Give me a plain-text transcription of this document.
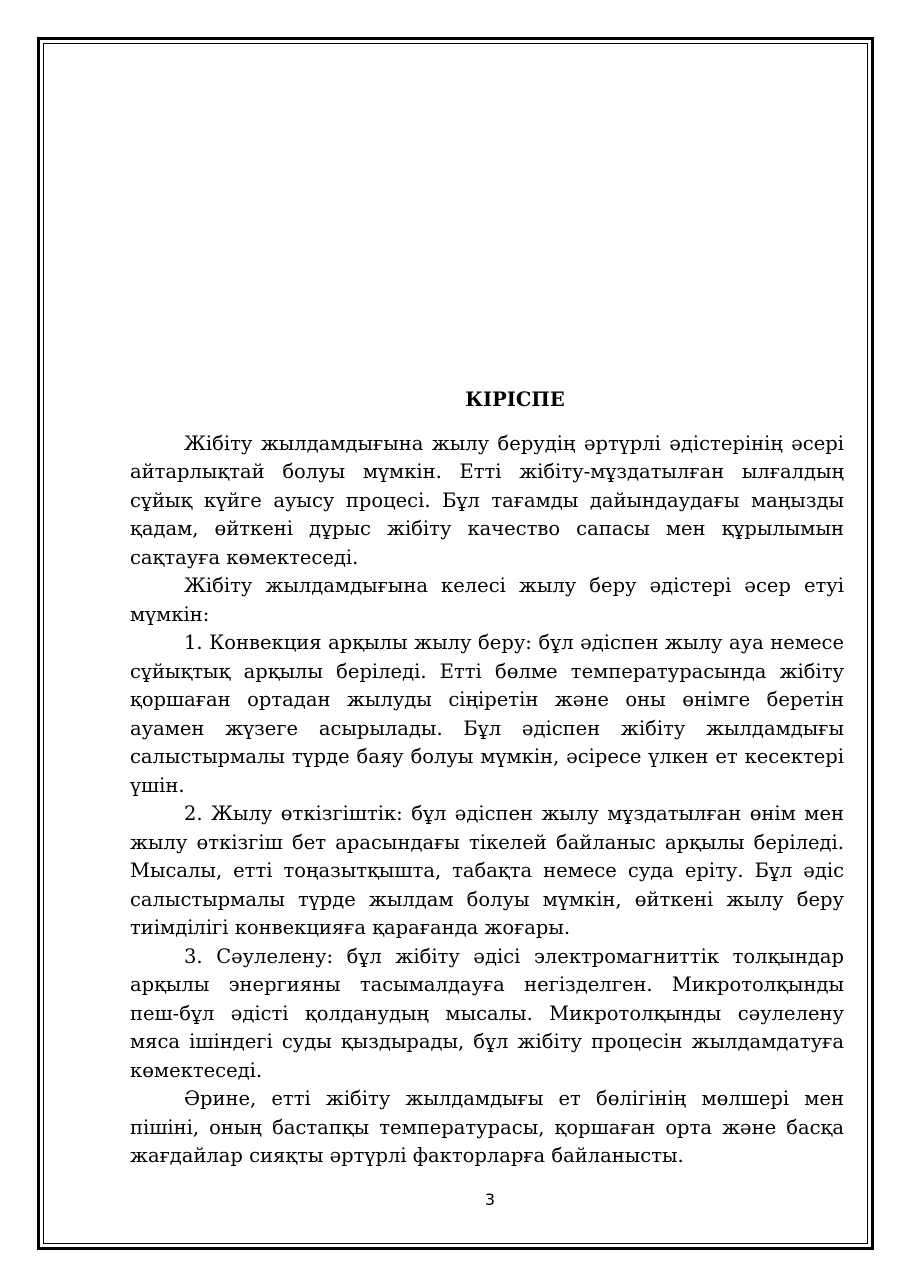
КІРІСПЕ

Жібіту жылдамдығына жылу берудің әртүрлі әдістерінің әсері айтарлықтай болуы мүмкін. Етті жібіту-мұздатылған ылғалдың сұйық күйге ауысу процесі. Бұл тағамды дайындаудағы маңызды қадам, өйткені дұрыс жібіту качество сапасы мен құрылымын сақтауға көмектеседі.

Жібіту жылдамдығына келесі жылу беру әдістері әсер етуі мүмкін:

1. Конвекция арқылы жылу беру: бұл әдіспен жылу ауа немесе сұйықтық арқылы беріледі. Етті бөлме температурасында жібіту қоршаған ортадан жылуды сіңіретін және оны өнімге беретін ауамен жүзеге асырылады. Бұл әдіспен жібіту жылдамдығы салыстырмалы түрде баяу болуы мүмкін, әсіресе үлкен ет кесектері үшін.

2. Жылу өткізгіштік: бұл әдіспен жылу мұздатылған өнім мен жылу өткізгіш бет арасындағы тікелей байланыс арқылы беріледі. Мысалы, етті тоңазытқышта, табақта немесе суда еріту. Бұл әдіс салыстырмалы түрде жылдам болуы мүмкін, өйткені жылу беру тиімділігі конвекцияға қарағанда жоғары.

3. Сәулелену: бұл жібіту әдісі электромагниттік толқындар арқылы энергияны тасымалдауға негізделген. Микротолқынды пеш-бұл әдісті қолданудың мысалы. Микротолқынды сәулелену мяса ішіндегі суды қыздырады, бұл жібіту процесін жылдамдатуға көмектеседі.

Әрине, етті жібіту жылдамдығы ет бөлігінің мөлшері мен пішіні, оның бастапқы температурасы, қоршаған орта және басқа жағдайлар сияқты әртүрлі факторларға байланысты.

3
